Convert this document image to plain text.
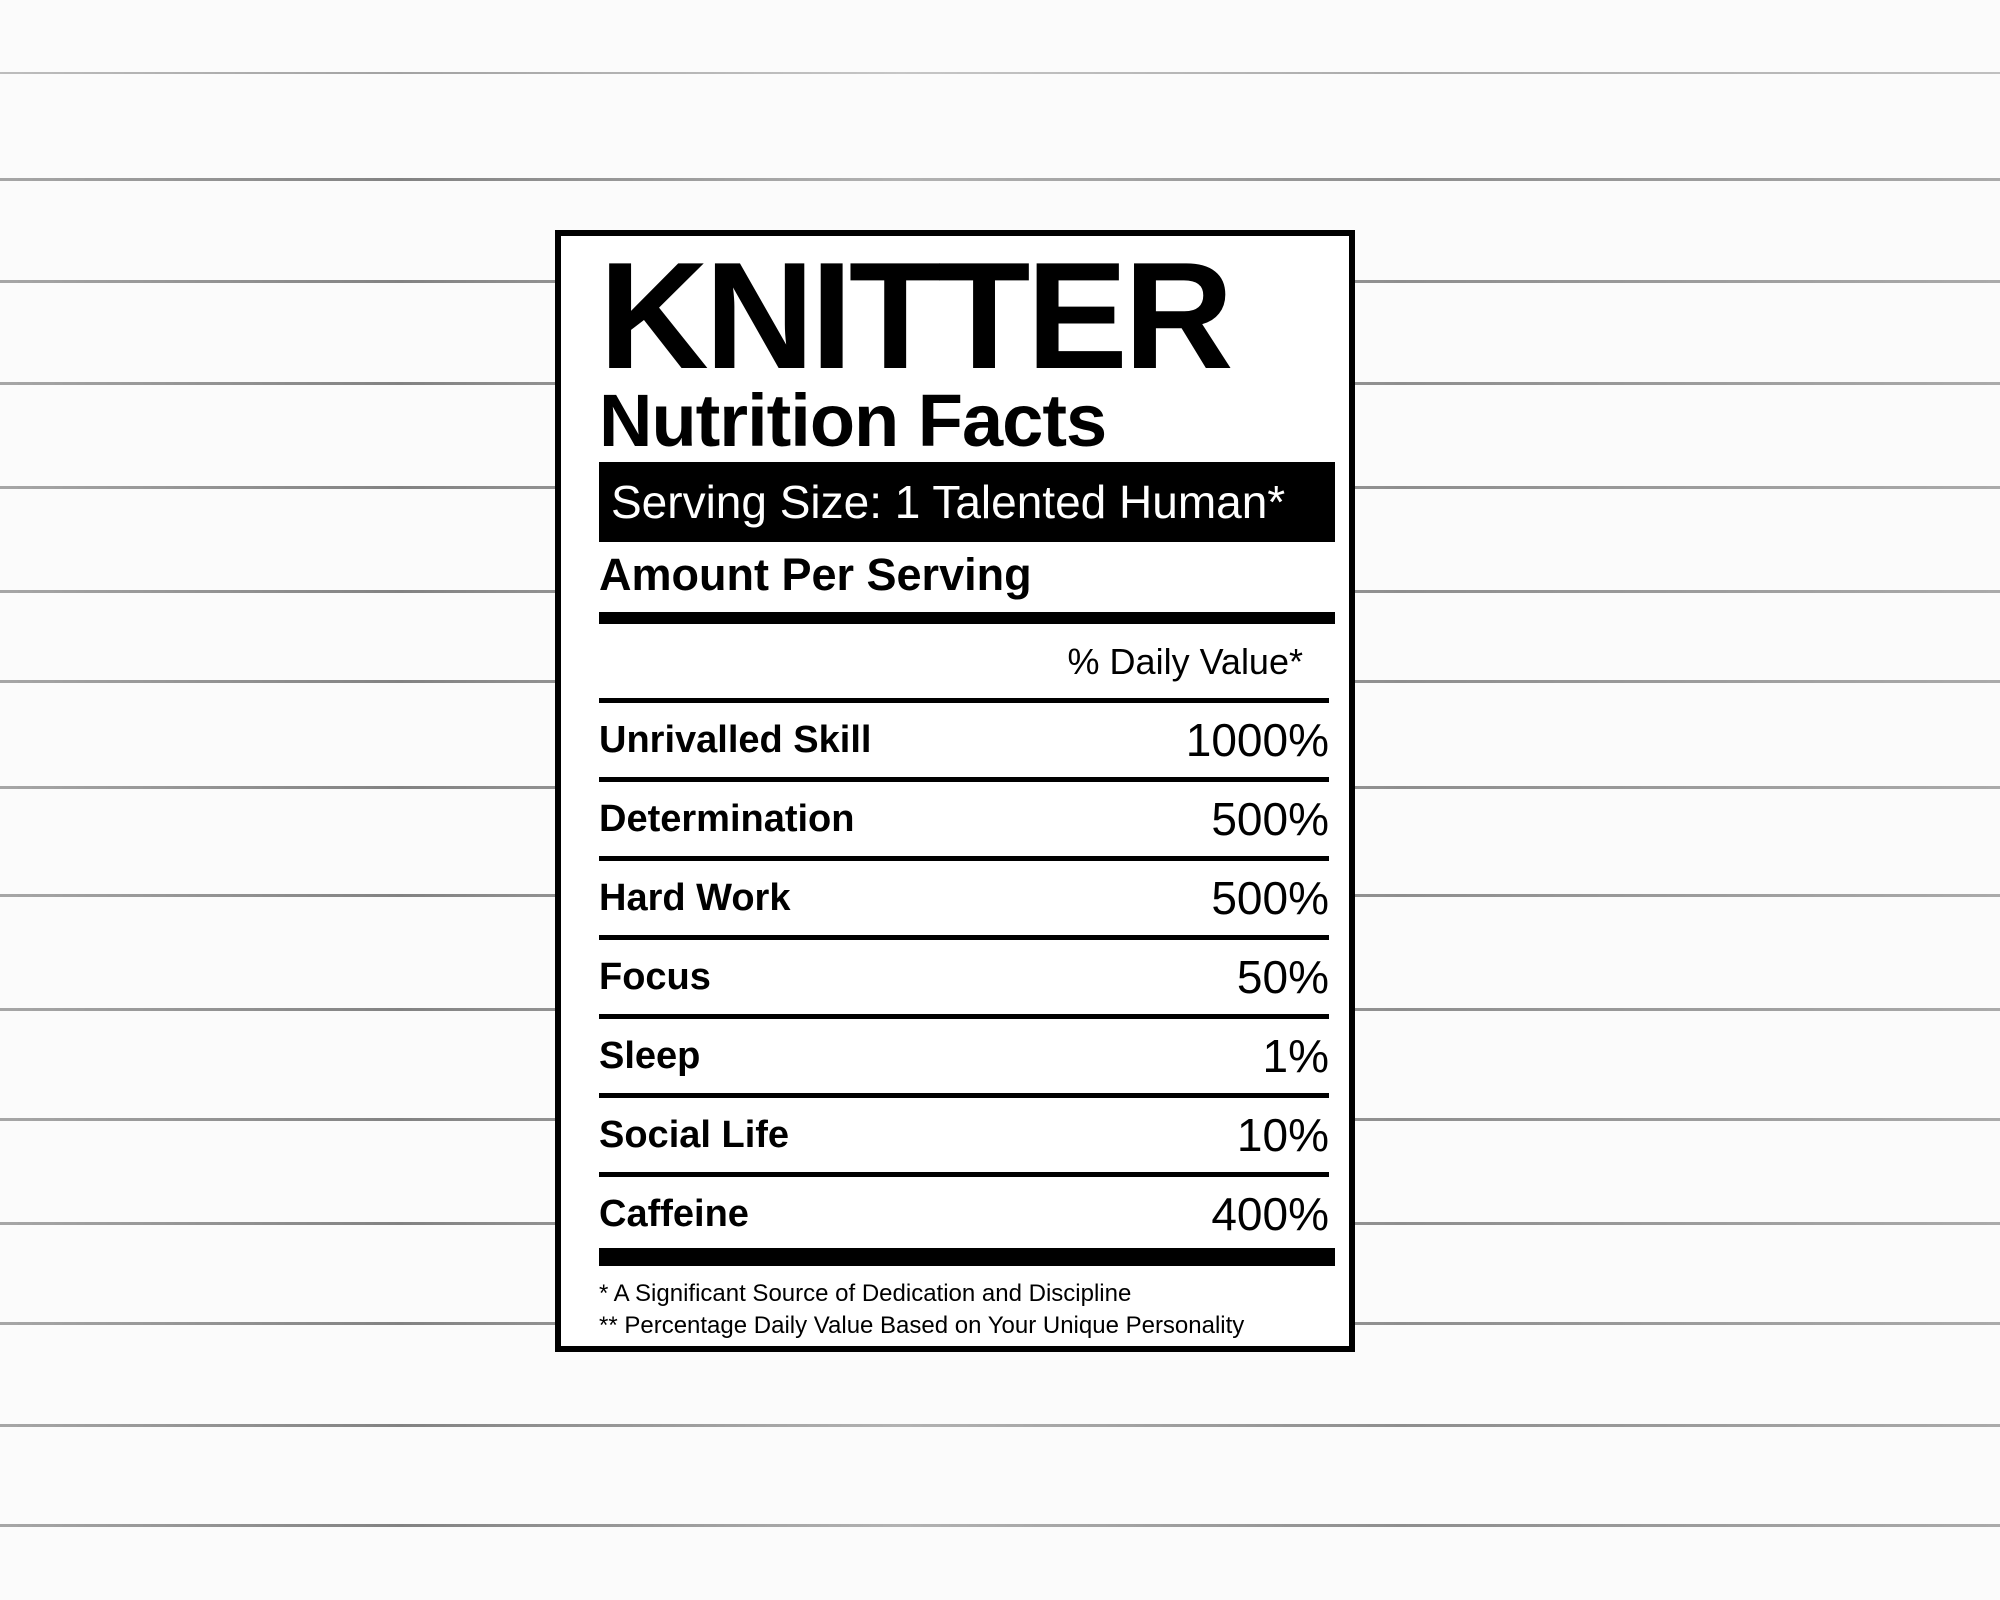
KNITTER
Nutrition Facts
Serving Size: 1 Talented Human*
Amount Per Serving
% Daily Value*
Unrivalled Skill	1000%
Determination	500%
Hard Work	500%
Focus	50%
Sleep	1%
Social Life	10%
Caffeine	400%
* A Significant Source of Dedication and Discipline
** Percentage Daily Value Based on Your Unique Personality
